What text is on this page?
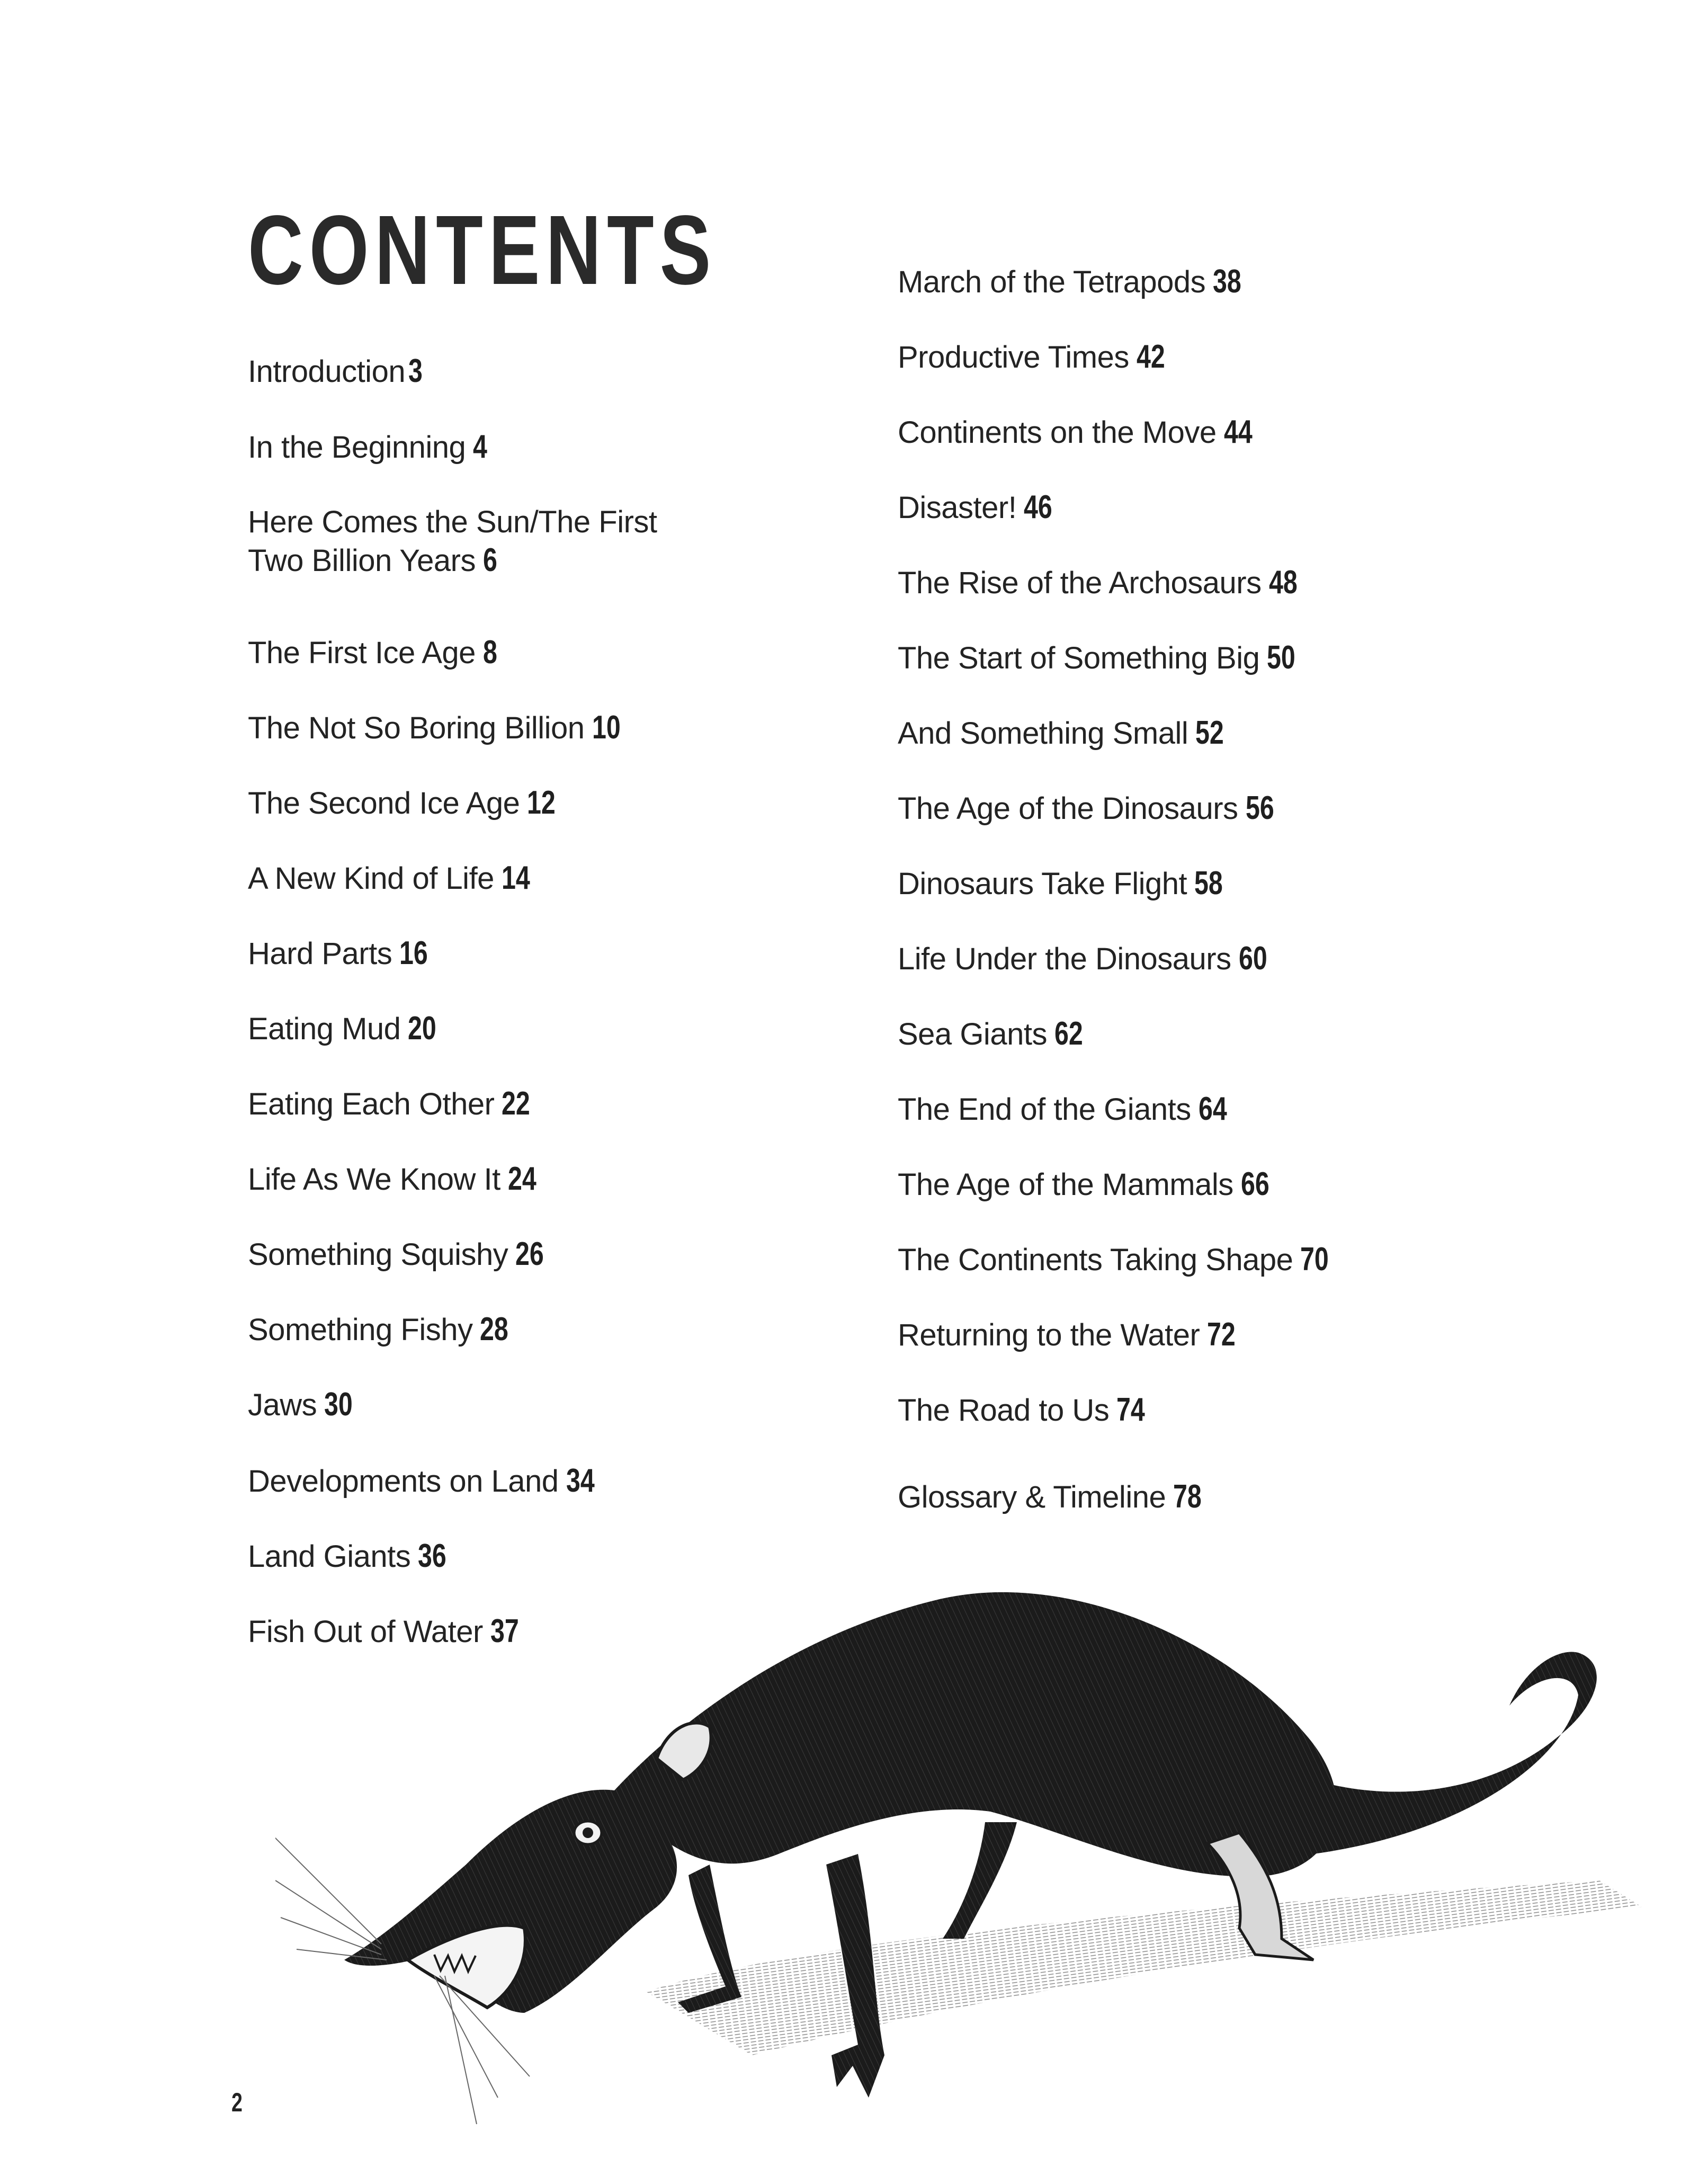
CONTENTS
Introduction3
In the Beginning 4
Here Comes the Sun/The First
Two Billion Years 6
The First Ice Age 8
The Not So Boring Billion 10
The Second Ice Age 12
A New Kind of Life 14
Hard Parts 16
Eating Mud 20
Eating Each Other 22
Life As We Know It 24
Something Squishy 26
Something Fishy 28
Jaws 30
Developments on Land 34
Land Giants 36
Fish Out of Water 37
March of the Tetrapods 38
Productive Times 42
Continents on the Move 44
Disaster! 46
The Rise of the Archosaurs 48
The Start of Something Big 50
And Something Small 52
The Age of the Dinosaurs 56
Dinosaurs Take Flight 58
Life Under the Dinosaurs 60
Sea Giants 62
The End of the Giants 64
The Age of the Mammals 66
The Continents Taking Shape 70
Returning to the Water 72
The Road to Us 74
Glossary & Timeline 78
2
